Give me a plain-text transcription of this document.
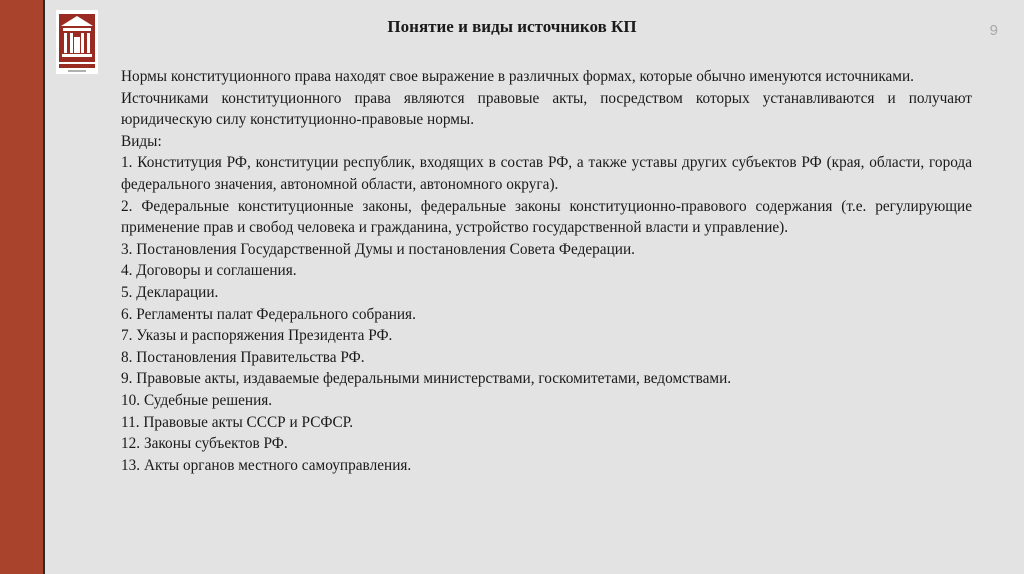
Понятие и виды источников КП	9

Нормы конституционного права находят свое выражение в различных формах, которые обычно именуются источниками.

Источниками конституционного права являются правовые акты, посредством которых устанавливаются и получают юридическую силу конституционно-правовые нормы.

Виды:

1. Конституция РФ, конституции республик, входящих в состав РФ, а также уставы других субъектов РФ (края, области, города федерального значения, автономной области, автономного округа).

2. Федеральные конституционные законы, федеральные законы конституционно-правового содержания (т.е. регулирующие применение прав и свобод человека и гражданина, устройство государственной власти и управление).

3. Постановления Государственной Думы и постановления Совета Федерации.

4. Договоры и соглашения.

5. Декларации.

6. Регламенты палат Федерального собрания.

7. Указы и распоряжения Президента РФ.

8. Постановления Правительства РФ.

9. Правовые акты, издаваемые федеральными министерствами, госкомитетами, ведомствами.

10. Судебные решения.

11. Правовые акты СССР и РСФСР.

12. Законы субъектов РФ.

13. Акты органов местного самоуправления.
